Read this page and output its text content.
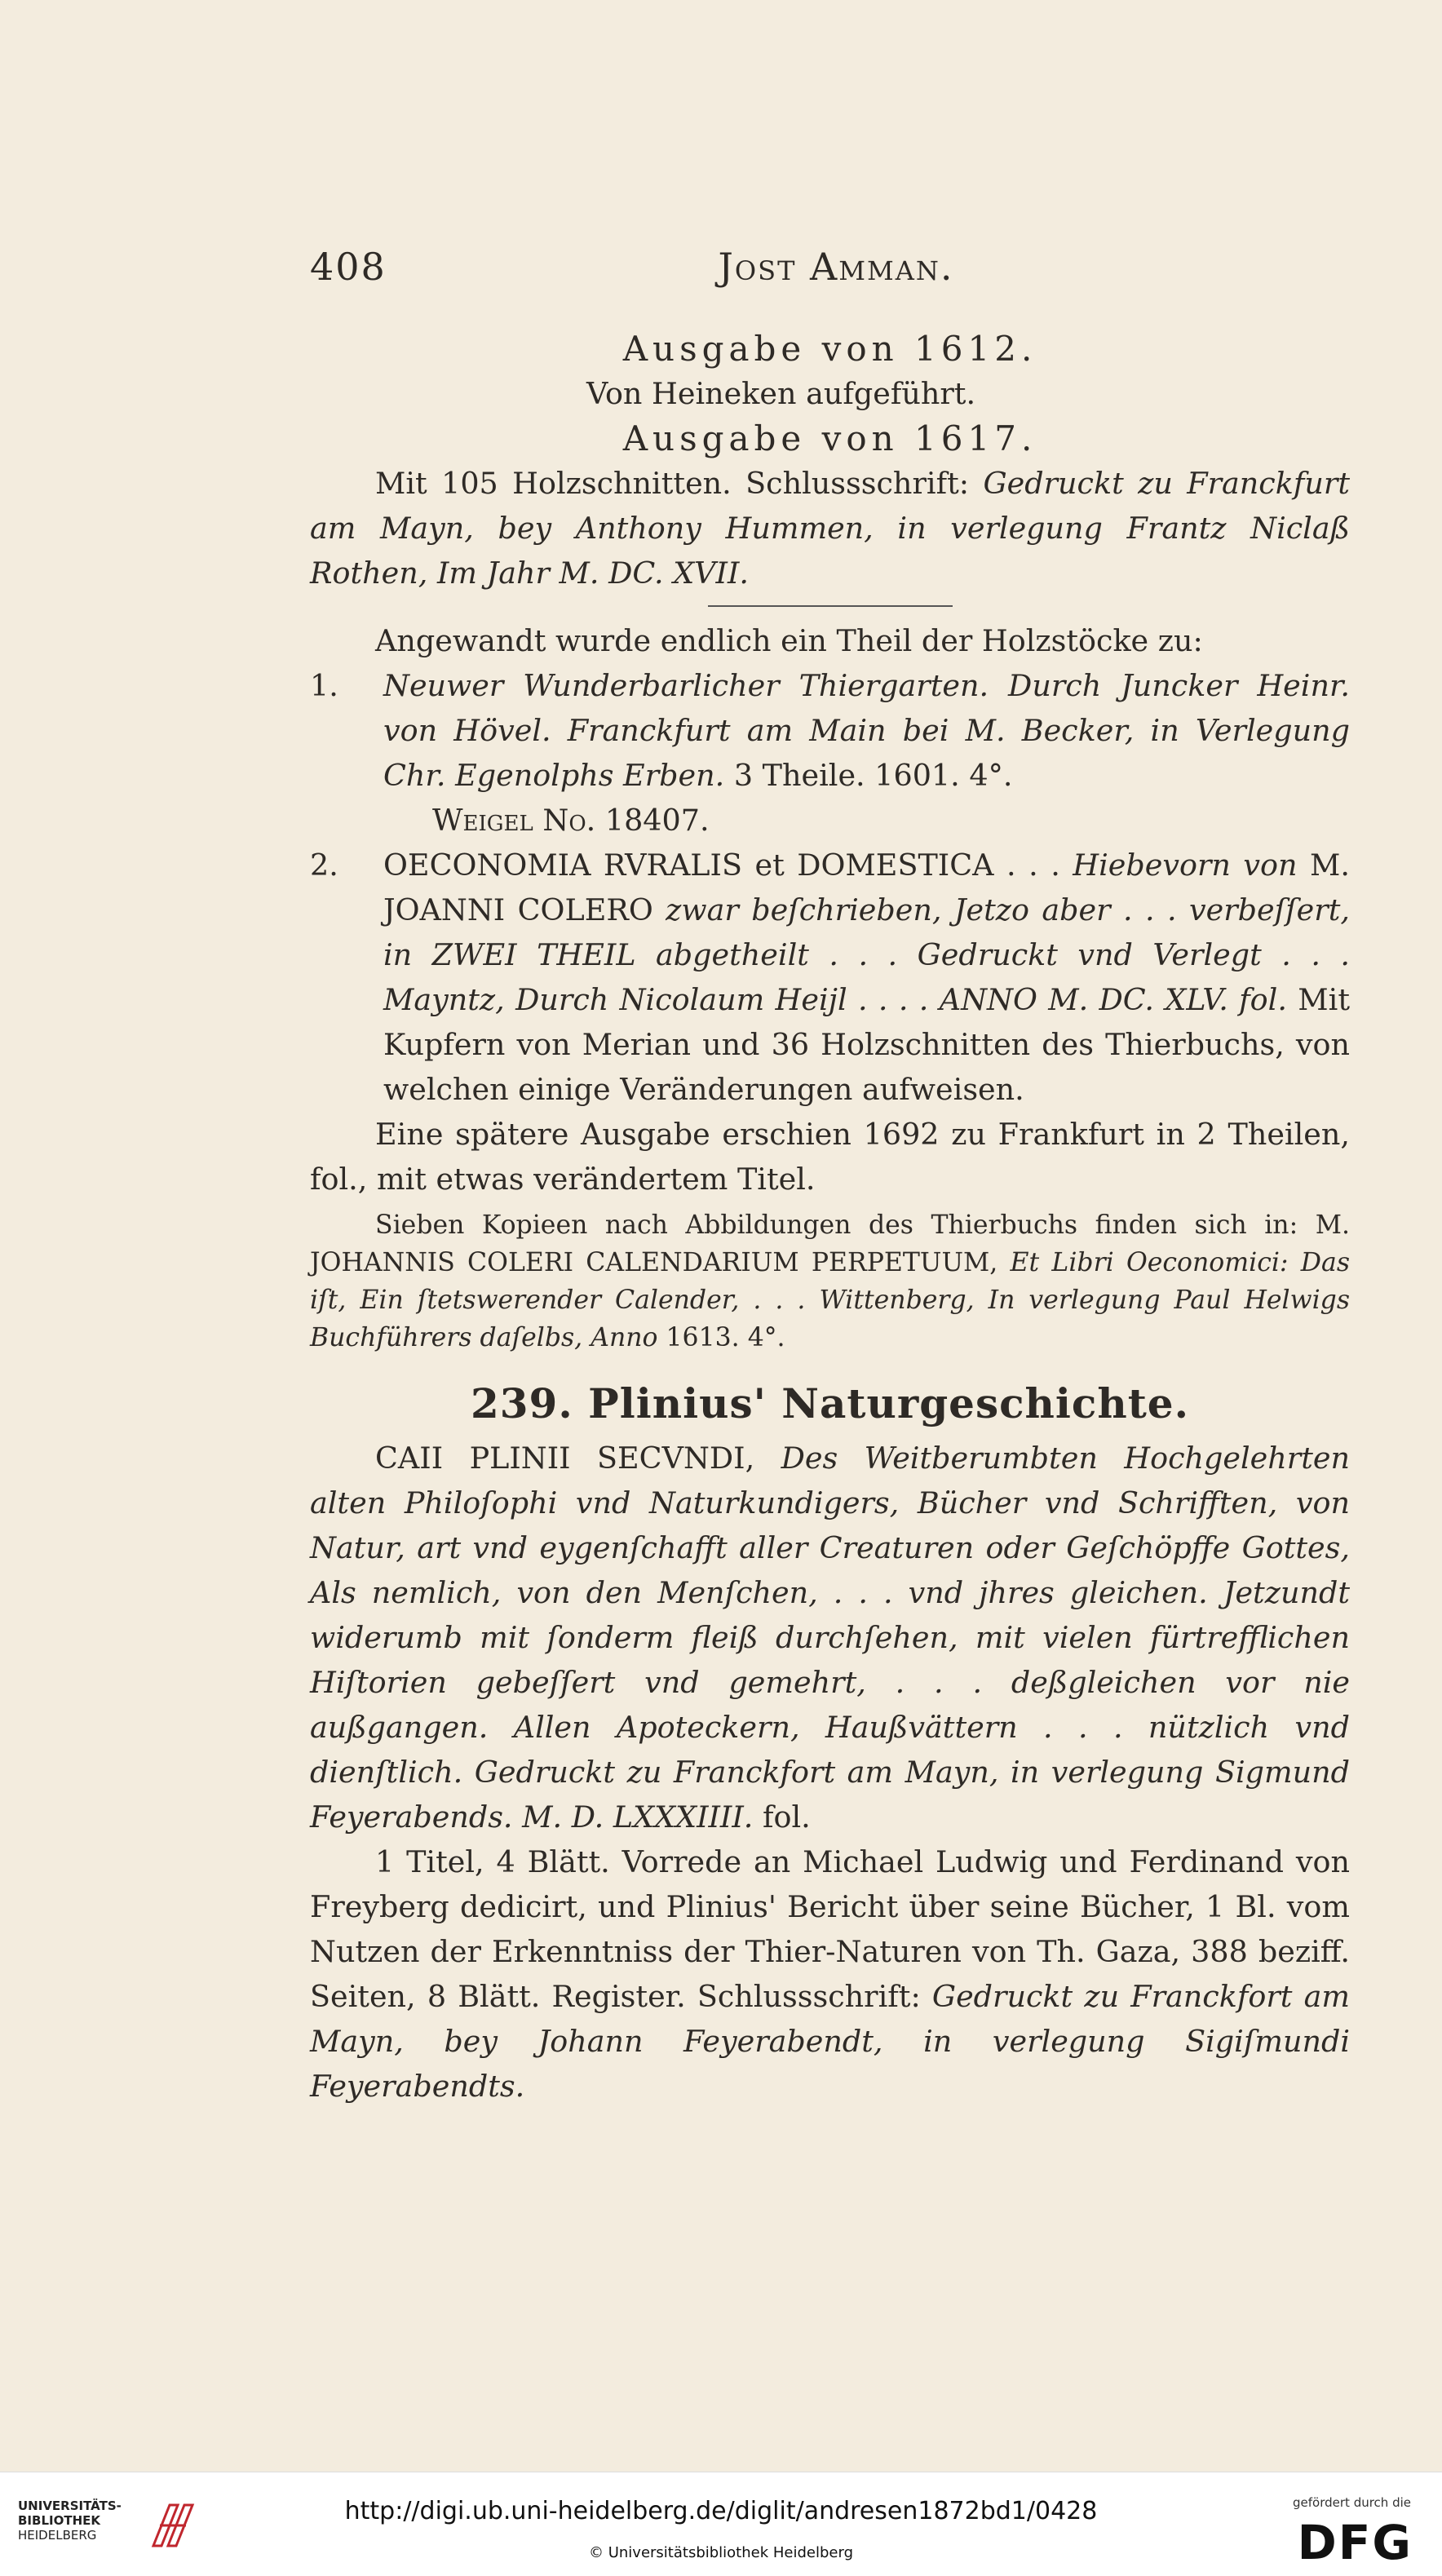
408	Jost Amman.
Ausgabe von 1612.
Von Heineken aufgeführt.
Ausgabe von 1617.

Mit 105 Holzschnitten. Schlussschrift: Gedruckt zu Franckfurt am Mayn, bey Anthony Hummen, in verlegung Frantz Niclaß Rothen, Im Jahr M. DC. XVII.

Angewandt wurde endlich ein Theil der Holzstöcke zu:

1. Neuwer Wunderbarlicher Thiergarten. Durch Juncker Heinr. von Hövel. Franckfurt am Main bei M. Becker, in Verlegung Chr. Egenolphs Erben. 3 Theile. 1601. 4°.
Weigel No. 18407.
2. OECONOMIA RVRALIS et DOMESTICA . . . Hiebevorn von M. JOANNI COLERO zwar beſchrieben, Jetzo aber . . . verbeſſert, in ZWEI THEIL abgetheilt . . . Gedruckt vnd Verlegt . . . Mayntz, Durch Nicolaum Heijl . . . . ANNO M. DC. XLV. fol. Mit Kupfern von Merian und 36 Holzschnitten des Thierbuchs, von welchen einige Veränderungen aufweisen.

Eine spätere Ausgabe erschien 1692 zu Frankfurt in 2 Theilen, fol., mit etwas verändertem Titel.

Sieben Kopieen nach Abbildungen des Thierbuchs finden sich in: M. JOHANNIS COLERI CALENDARIUM PERPETUUM, Et Libri Oeconomici: Das iſt, Ein ſtetswerender Calender, . . . Wittenberg, In verlegung Paul Helwigs Buchführers daſelbs, Anno 1613. 4°.

239. Plinius' Naturgeschichte.

CAII PLINII SECVNDI, Des Weitberumbten Hochgelehrten alten Philoſophi vnd Naturkundigers, Bücher vnd Schrifften, von Natur, art vnd eygenſchafft aller Creaturen oder Geſchöpffe Gottes, Als nemlich, von den Menſchen, . . . vnd jhres gleichen. Jetzundt widerumb mit ſonderm fleiß durchſehen, mit vielen fürtrefflichen Hiſtorien gebeſſert vnd gemehrt, . . . deßgleichen vor nie außgangen. Allen Apoteckern, Haußvättern . . . nützlich vnd dienſtlich. Gedruckt zu Franckfort am Mayn, in verlegung Sigmund Feyerabends. M. D. LXXXIIII. fol.

1 Titel, 4 Blätt. Vorrede an Michael Ludwig und Ferdinand von Freyberg dedicirt, und Plinius' Bericht über seine Bücher, 1 Bl. vom Nutzen der Erkenntniss der Thier-Naturen von Th. Gaza, 388 beziff. Seiten, 8 Blätt. Register. Schlussschrift: Gedruckt zu Franckfort am Mayn, bey Johann Feyerabendt, in verlegung Sigiſmundi Feyerabendts.

UNIVERSITÄTS-
BIBLIOTHEK
HEIDELBERG
http://digi.ub.uni-heidelberg.de/diglit/andresen1872bd1/0428
© Universitätsbibliothek Heidelberg
gefördert durch die
DFG
